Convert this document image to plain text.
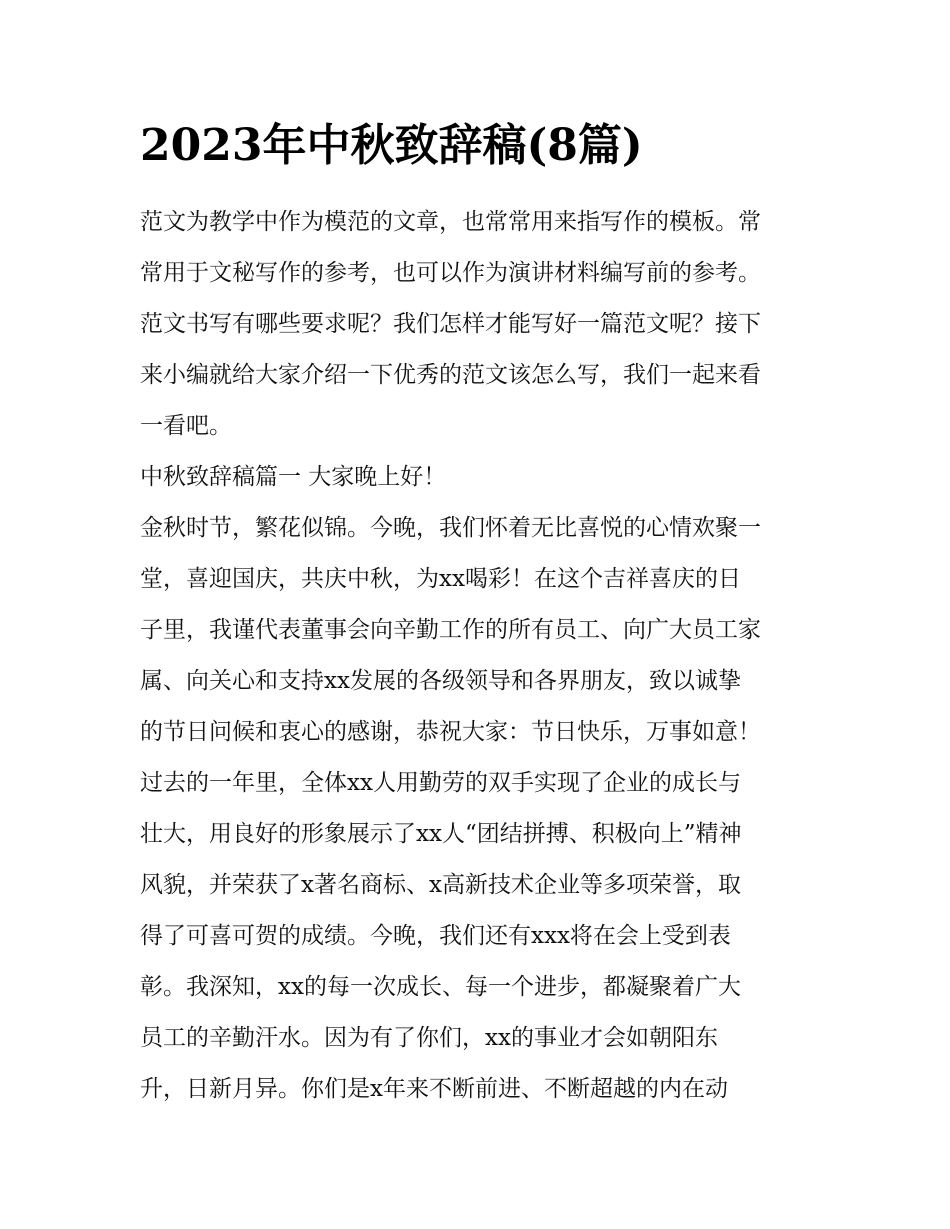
2023年中秋致辞稿(8篇)

范文为教学中作为模范的文章，也常常用来指写作的模板。常

常用于文秘写作的参考，也可以作为演讲材料编写前的参考。

范文书写有哪些要求呢？我们怎样才能写好一篇范文呢？接下

来小编就给大家介绍一下优秀的范文该怎么写，我们一起来看

一看吧。

中秋致辞稿篇一 大家晚上好！

金秋时节，繁花似锦。今晚，我们怀着无比喜悦的心情欢聚一

堂，喜迎国庆，共庆中秋，为xx喝彩！在这个吉祥喜庆的日

子里，我谨代表董事会向辛勤工作的所有员工、向广大员工家

属、向关心和支持xx发展的各级领导和各界朋友，致以诚挚

的节日问候和衷心的感谢，恭祝大家：节日快乐，万事如意！

过去的一年里，全体xx人用勤劳的双手实现了企业的成长与

壮大，用良好的形象展示了xx人“团结拼搏、积极向上”精神

风貌，并荣获了x著名商标、x高新技术企业等多项荣誉，取

得了可喜可贺的成绩。今晚，我们还有xxx将在会上受到表

彰。我深知，xx的每一次成长、每一个进步，都凝聚着广大

员工的辛勤汗水。因为有了你们，xx的事业才会如朝阳东

升，日新月异。你们是x年来不断前进、不断超越的内在动
